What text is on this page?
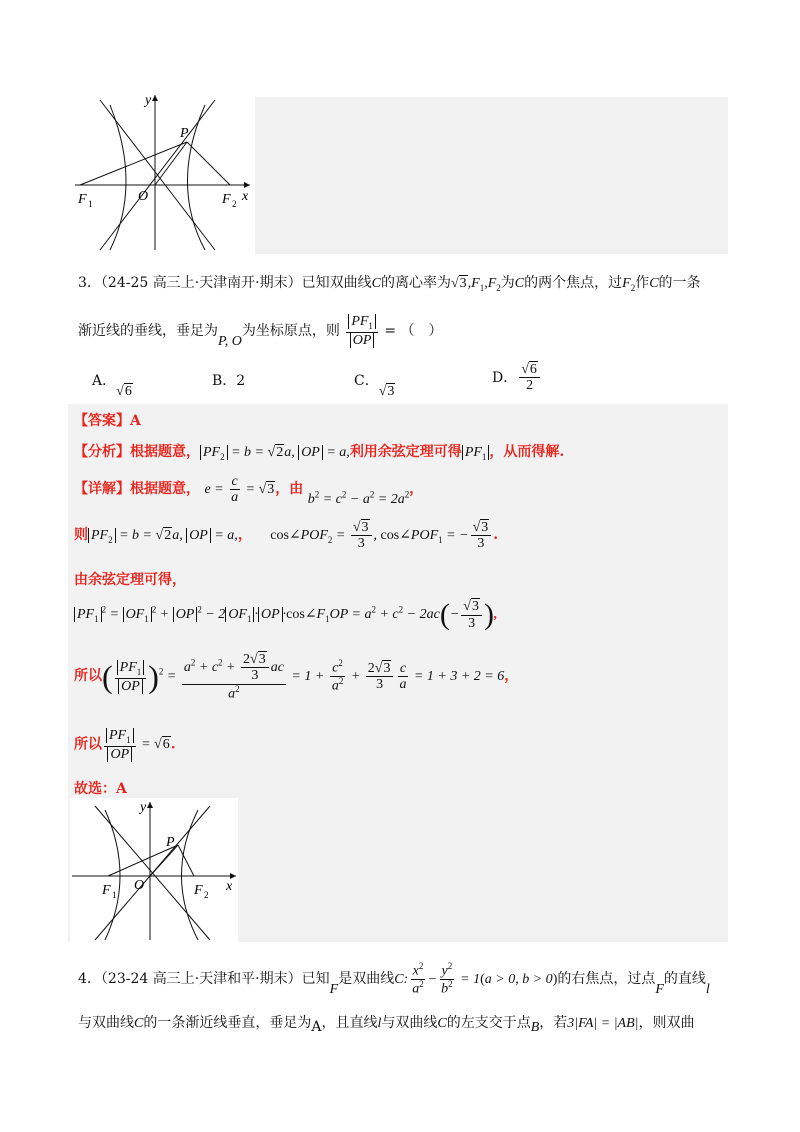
y
P
F 1	O	F 2 x
3．（24-25 高三上·天津南开·期末）已知双曲线C的离心率为$√3,F_1,F_2$为C的两个焦点，过$F_2$作C的一条
渐近线的垂线，垂足为P, O为坐标原点，则 $\frac{PF_1}{OP}$ = （　）
A．√6
B．2	C．√3
D． $\frac{√6}{2}$
【答案】A
【分析】根据题意， $PF_2 = b = √2a$, OP = a,利用余弦定理可得 $PF_1$ ，从而得解.
【详解】根据题意， $e = \frac{c}{a} = √3$，由 $b^2 = c^2 - a^2 = 2a^2$，
则 $PF_2 = b = √2a$, OP = a,， $\cos\angle POF_2 = \frac{√3}{3}$ , $\cos\angle POF_1$ = − $\frac{√3}{3}$ .
由余弦定理可得，
$PF_1^2 = OF_1^2$ + OP $^2$ − 2 $OF_1$ · OP $\cdot\cos\angle F_1OP = a^2 + c^2 - 2ac(- \frac{√3}{3}$ ),
所以( $\frac{PF_1}{OP} )^2 = \frac{a^2 + c^2 + \frac{2√3}{3} ac}{a^2} = 1 + \frac{c^2}{a^2} + \frac{2√3}{3} \frac{c}{a} = 1 + 3 + 2 = 6$，
所以 $\frac{PF_1}{OP} = √6$.
故选：A
y
P
F 1
O	F 2
x
4．（23-24 高三上·天津和平·期末）已知F是双曲线C: $\frac{x^2}{a^2} - \frac{y^2}{b^2} = 1(a > 0$, b > 0)的右焦点，过点F的直线l
与双曲线C的一条渐近线垂直，垂足为A，且直线l与双曲线C的左支交于点B，若3|FA| = |AB|，则双曲
